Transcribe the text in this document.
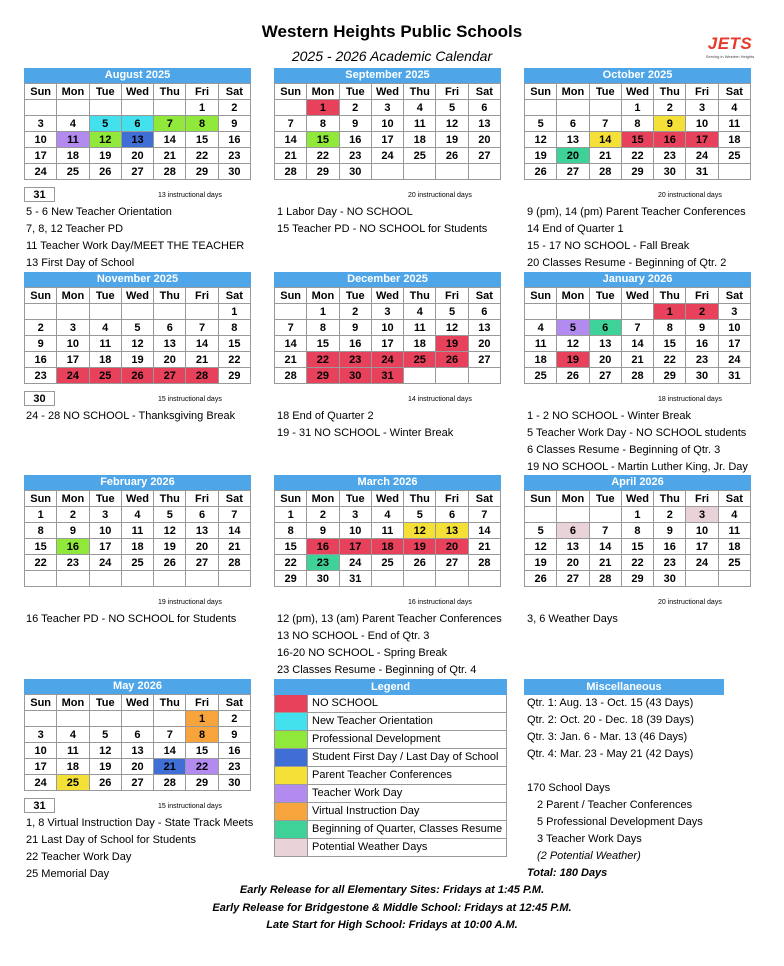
Western Heights Public Schools
2025 - 2026 Academic Calendar
JETS
Serving in Western Heights
August 2025
Sun	Mon	Tue	Wed	Thu	Fri	Sat
					1	2
3	4	5	6	7	8	9
10	11	12	13	14	15	16
17	18	19	20	21	22	23
24	25	26	27	28	29	30
September 2025
Sun	Mon	Tue	Wed	Thu	Fri	Sat
	1	2	3	4	5	6
7	8	9	10	11	12	13
14	15	16	17	18	19	20
21	22	23	24	25	26	27
28	29	30				
October 2025
Sun	Mon	Tue	Wed	Thu	Fri	Sat
			1	2	3	4
5	6	7	8	9	10	11
12	13	14	15	16	17	18
19	20	21	22	23	24	25
26	27	28	29	30	31	
31	13 instructional days	20 instructional days	20 instructional days
5 - 6 New Teacher Orientation
7, 8, 12 Teacher PD
11 Teacher Work Day/MEET THE TEACHER
13 First Day of School
1 Labor Day - NO SCHOOL
15 Teacher PD - NO SCHOOL for Students
9 (pm), 14 (pm) Parent Teacher Conferences
14 End of Quarter 1
15 - 17 NO SCHOOL - Fall Break
20 Classes Resume - Beginning of Qtr. 2
November 2025
Sun	Mon	Tue	Wed	Thu	Fri	Sat
						1
2	3	4	5	6	7	8
9	10	11	12	13	14	15
16	17	18	19	20	21	22
23	24	25	26	27	28	29
December 2025
Sun	Mon	Tue	Wed	Thu	Fri	Sat
	1	2	3	4	5	6
7	8	9	10	11	12	13
14	15	16	17	18	19	20
21	22	23	24	25	26	27
28	29	30	31			
January 2026
Sun	Mon	Tue	Wed	Thu	Fri	Sat
				1	2	3
4	5	6	7	8	9	10
11	12	13	14	15	16	17
18	19	20	21	22	23	24
25	26	27	28	29	30	31
30	15 instructional days	14 instructional days	18 instructional days
24 - 28 NO SCHOOL - Thanksgiving Break	18 End of Quarter 2
19 - 31 NO SCHOOL - Winter Break
1 - 2 NO SCHOOL - Winter Break
5 Teacher Work Day - NO SCHOOL students
6 Classes Resume - Beginning of Qtr. 3
19 NO SCHOOL - Martin Luther King, Jr. Day
February 2026
Sun	Mon	Tue	Wed	Thu	Fri	Sat
1	2	3	4	5	6	7
8	9	10	11	12	13	14
15	16	17	18	19	20	21
22	23	24	25	26	27	28

March 2026
Sun	Mon	Tue	Wed	Thu	Fri	Sat
1	2	3	4	5	6	7
8	9	10	11	12	13	14
15	16	17	18	19	20	21
22	23	24	25	26	27	28
29	30	31				
April 2026
Sun	Mon	Tue	Wed	Thu	Fri	Sat
			1	2	3	4
5	6	7	8	9	10	11
12	13	14	15	16	17	18
19	20	21	22	23	24	25
26	27	28	29	30		
19 instructional days	16 instructional days	20 instructional days
16 Teacher PD - NO SCHOOL for Students	12 (pm), 13 (am) Parent Teacher Conferences
13 NO SCHOOL - End of Qtr. 3
16-20 NO SCHOOL - Spring Break
23 Classes Resume - Beginning of Qtr. 4
3, 6 Weather Days
May 2026
Sun	Mon	Tue	Wed	Thu	Fri	Sat
					1	2
3	4	5	6	7	8	9
10	11	12	13	14	15	16
17	18	19	20	21	22	23
24	25	26	27	28	29	30
31	15 instructional days
1, 8 Virtual Instruction Day - State Track Meets
21 Last Day of School for Students
22 Teacher Work Day
25 Memorial Day
Legend
NO SCHOOL
New Teacher Orientation
Professional Development
Student First Day / Last Day of School
Parent Teacher Conferences
Teacher Work Day
Virtual Instruction Day
Beginning of Quarter, Classes Resume
Potential Weather Days
Miscellaneous
Qtr. 1: Aug. 13 - Oct. 15 (43 Days)
Qtr. 2: Oct. 20 - Dec. 18 (39 Days)
Qtr. 3: Jan. 6 - Mar. 13 (46 Days)
Qtr. 4: Mar. 23 - May 21 (42 Days)
170 School Days
2 Parent / Teacher Conferences
5 Professional Development Days
3 Teacher Work Days
(2 Potential Weather)
Total: 180 Days
Early Release for all Elementary Sites: Fridays at 1:45 P.M.
Early Release for Bridgestone & Middle School: Fridays at 12:45 P.M.
Late Start for High School: Fridays at 10:00 A.M.
